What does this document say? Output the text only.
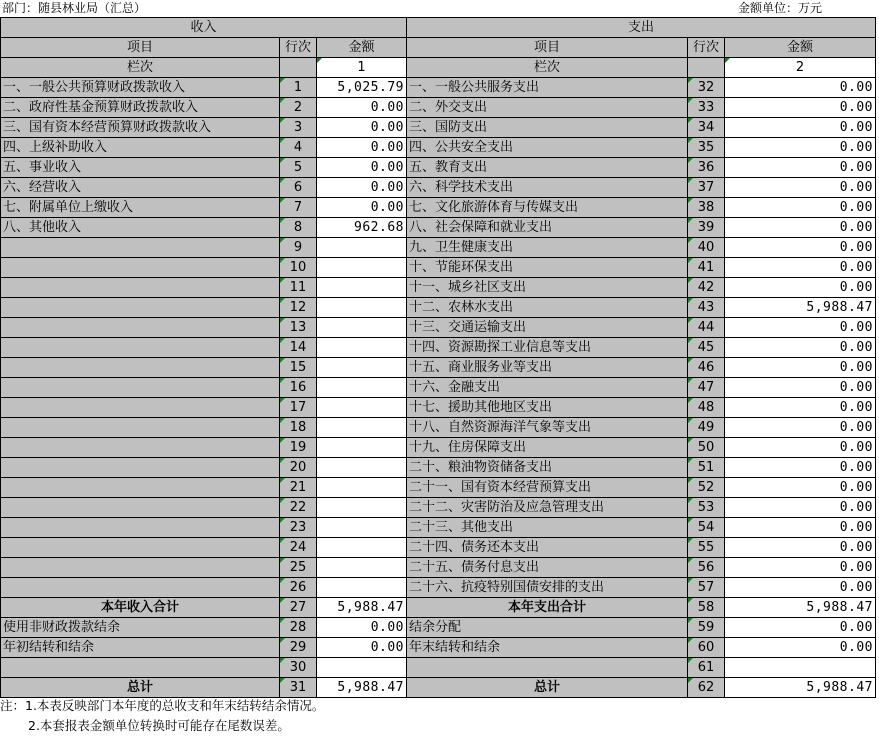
部门：随县林业局（汇总）	金额单位：万元
收入			支出		
项目	行次	金额	项目	行次	金额
栏次		1	栏次		2
一、一般公共预算财政拨款收入	1	5,025.79	一、一般公共服务支出	32	0.00
二、政府性基金预算财政拨款收入	2	0.00	二、外交支出	33	0.00
三、国有资本经营预算财政拨款收入	3	0.00	三、国防支出	34	0.00
四、上级补助收入	4	0.00	四、公共安全支出	35	0.00
五、事业收入	5	0.00	五、教育支出	36	0.00
六、经营收入	6	0.00	六、科学技术支出	37	0.00
七、附属单位上缴收入	7	0.00	七、文化旅游体育与传媒支出	38	0.00
八、其他收入	8	962.68	八、社会保障和就业支出	39	0.00
	9		九、卫生健康支出	40	0.00
	10		十、节能环保支出	41	0.00
	11		十一、城乡社区支出	42	0.00
	12		十二、农林水支出	43	5,988.47
	13		十三、交通运输支出	44	0.00
	14		十四、资源勘探工业信息等支出	45	0.00
	15		十五、商业服务业等支出	46	0.00
	16		十六、金融支出	47	0.00
	17		十七、援助其他地区支出	48	0.00
	18		十八、自然资源海洋气象等支出	49	0.00
	19		十九、住房保障支出	50	0.00
	20		二十、粮油物资储备支出	51	0.00
	21		二十一、国有资本经营预算支出	52	0.00
	22		二十二、灾害防治及应急管理支出	53	0.00
	23		二十三、其他支出	54	0.00
	24		二十四、债务还本支出	55	0.00
	25		二十五、债务付息支出	56	0.00
	26		二十六、抗疫特别国债安排的支出	57	0.00
本年收入合计	27	5,988.47	本年支出合计	58	5,988.47
使用非财政拨款结余	28	0.00	结余分配	59	0.00
年初结转和结余	29	0.00	年末结转和结余	60	0.00
	30			61	
总计	31	5,988.47	总计	62	5,988.47
注：1.本表反映部门本年度的总收支和年末结转结余情况。
2.本套报表金额单位转换时可能存在尾数误差。
